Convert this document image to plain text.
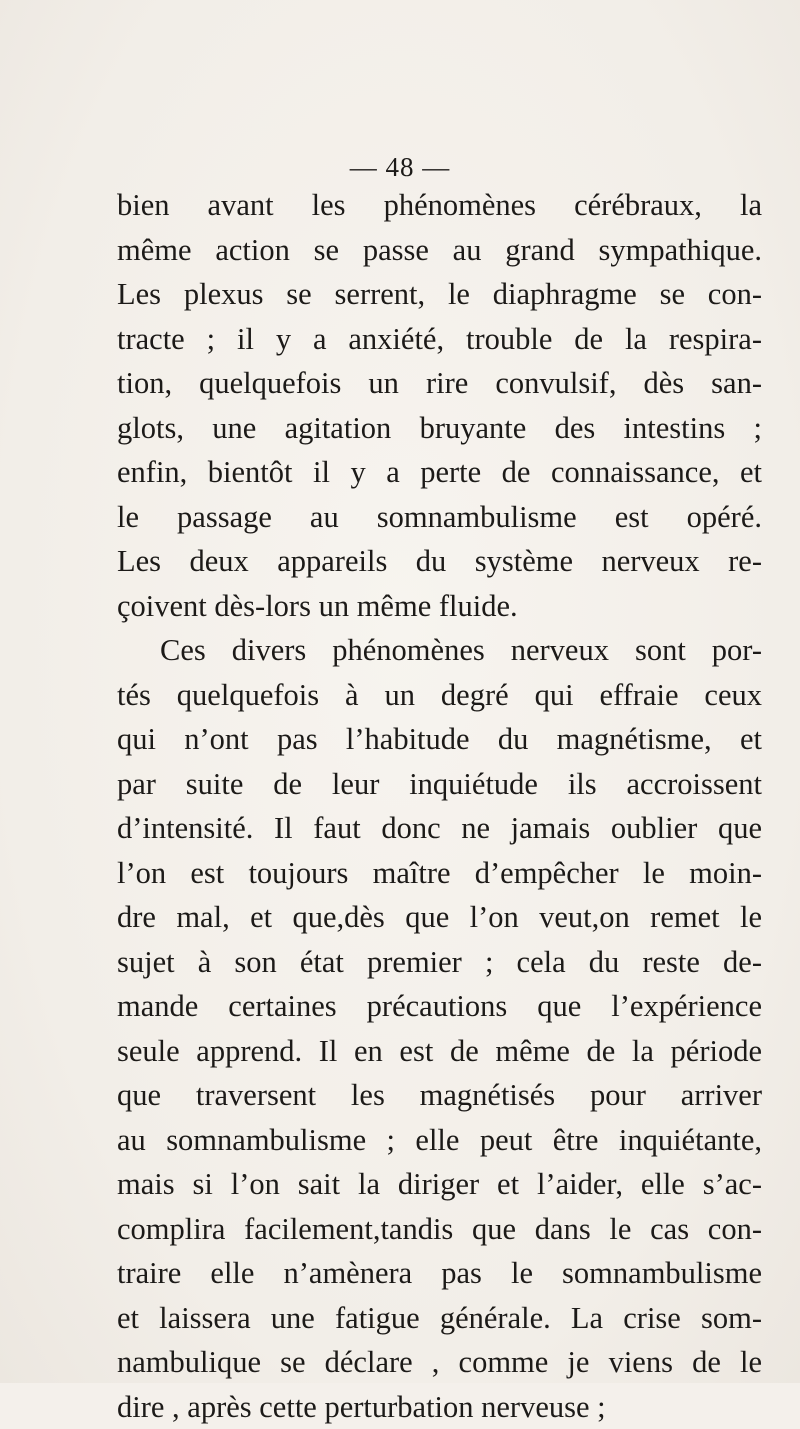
— 48 —
bien avant les phénomènes cérébraux, la
même action se passe au grand sympathique.
Les plexus se serrent, le diaphragme se con-
tracte ; il y a anxiété, trouble de la respira-
tion, quelquefois un rire convulsif, dès san-
glots, une agitation bruyante des intestins ;
enfin, bientôt il y a perte de connaissance, et
le passage au somnambulisme est opéré.
Les deux appareils du système nerveux re-
çoivent dès-lors un même fluide.
Ces divers phénomènes nerveux sont por-
tés quelquefois à un degré qui effraie ceux
qui n’ont pas l’habitude du magnétisme, et
par suite de leur inquiétude ils accroissent
d’intensité. Il faut donc ne jamais oublier que
l’on est toujours maître d’empêcher le moin-
dre mal, et que,dès que l’on veut,on remet le
sujet à son état premier ; cela du reste de-
mande certaines précautions que l’expérience
seule apprend. Il en est de même de la période
que traversent les magnétisés pour arriver
au somnambulisme ; elle peut être inquiétante,
mais si l’on sait la diriger et l’aider, elle s’ac-
complira facilement,tandis que dans le cas con-
traire elle n’amènera pas le somnambulisme
et laissera une fatigue générale. La crise som-
nambulique se déclare , comme je viens de le
dire , après cette perturbation nerveuse ;
